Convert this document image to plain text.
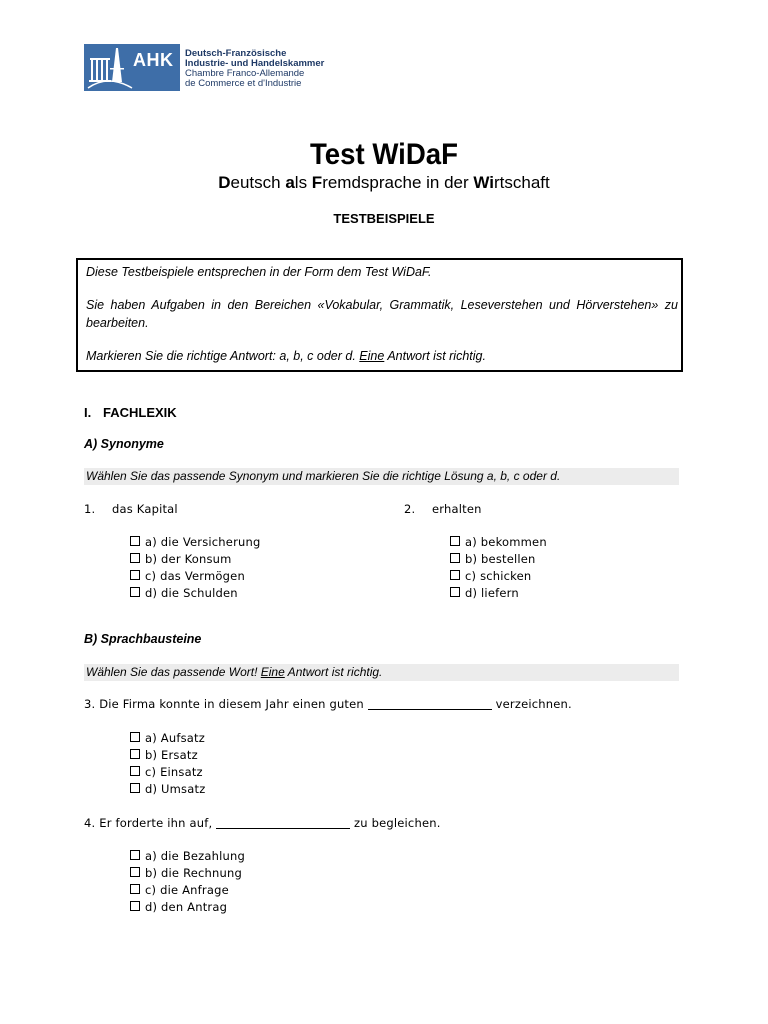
AHK Deutsch-Französische
Industrie- und Handelskammer
Chambre Franco-Allemande
de Commerce et d'Industrie
Test WiDaF
Deutsch als Fremdsprache in der Wirtschaft
TESTBEISPIELE

Diese Testbeispiele entsprechen in der Form dem Test WiDaF.

Sie haben Aufgaben in den Bereichen «Vokabular, Grammatik, Leseverstehen und Hörverstehen» zu bearbeiten.

Markieren Sie die richtige Antwort: a, b, c oder d. Eine Antwort ist richtig.

I. FACHLEXIK
A) Synonyme
Wählen Sie das passende Synonym und markieren Sie die richtige Lösung a, b, c oder d.
1. das Kapital
a) die Versicherung
b) der Konsum
c) das Vermögen
d) die Schulden
2. erhalten
a) bekommen
b) bestellen
c) schicken
d) liefern
B) Sprachbausteine
Wählen Sie das passende Wort! Eine Antwort ist richtig.
3. Die Firma konnte in diesem Jahr einen guten	verzeichnen.
a) Aufsatz
b) Ersatz
c) Einsatz
d) Umsatz
4. Er forderte ihn auf,	zu begleichen.
a) die Bezahlung
b) die Rechnung
c) die Anfrage
d) den Antrag
